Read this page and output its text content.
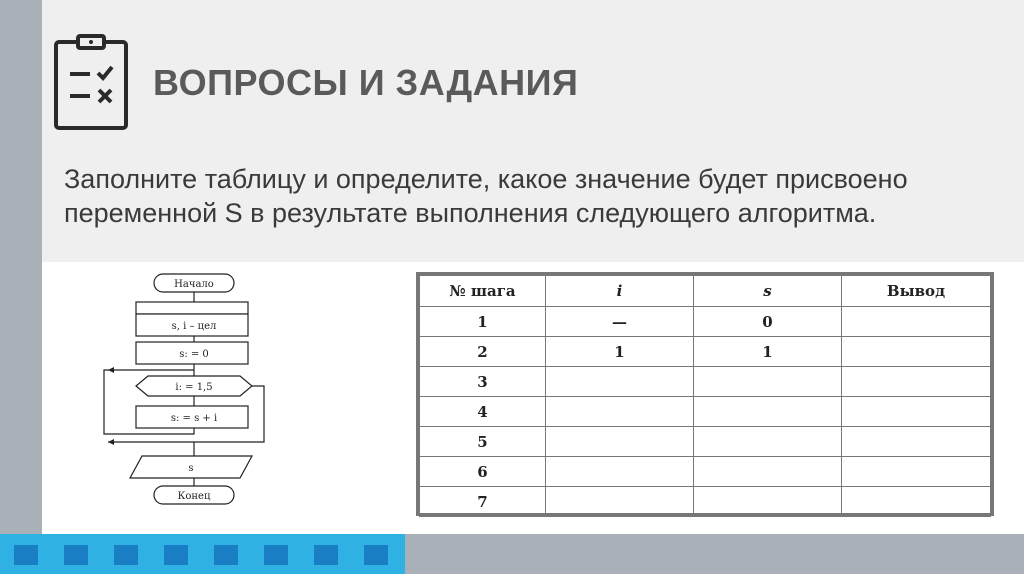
ВОПРОСЫ И ЗАДАНИЯ
Заполните таблицу и определите, какое значение будет присвоено переменной S в результате выполнения следующего алгоритма.
Начало
s, i – цел
s: = 0
i: = 1,5
s: = s + i
s
Конец
№ шага	i	s	Вывод
1	—	0	
2	1	1	
3			
4			
5			
6			
7			
